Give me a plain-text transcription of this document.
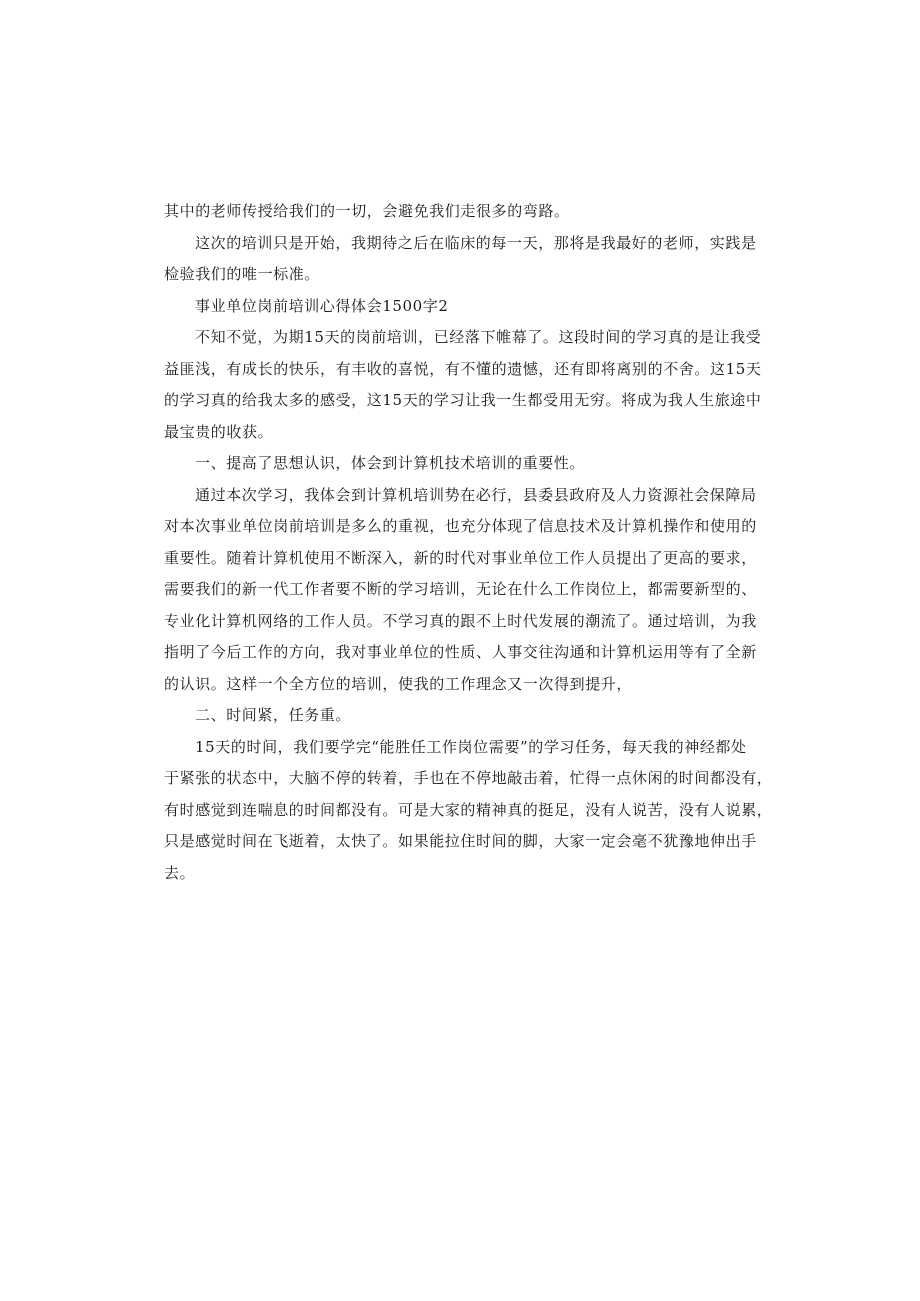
其中的老师传授给我们的一切，会避免我们走很多的弯路。
这次的培训只是开始，我期待之后在临床的每一天，那将是我最好的老师，实践是
检验我们的唯一标准。
事业单位岗前培训心得体会1500字2
不知不觉，为期15天的岗前培训，已经落下帷幕了。这段时间的学习真的是让我受
益匪浅，有成长的快乐，有丰收的喜悦，有不懂的遗憾，还有即将离别的不舍。这15天
的学习真的给我太多的感受，这15天的学习让我一生都受用无穷。将成为我人生旅途中
最宝贵的收获。
一、提高了思想认识，体会到计算机技术培训的重要性。
通过本次学习，我体会到计算机培训势在必行，县委县政府及人力资源社会保障局
对本次事业单位岗前培训是多么的重视，也充分体现了信息技术及计算机操作和使用的
重要性。随着计算机使用不断深入，新的时代对事业单位工作人员提出了更高的要求，
需要我们的新一代工作者要不断的学习培训，无论在什么工作岗位上，都需要新型的、
专业化计算机网络的工作人员。不学习真的跟不上时代发展的潮流了。通过培训，为我
指明了今后工作的方向，我对事业单位的性质、人事交往沟通和计算机运用等有了全新
的认识。这样一个全方位的培训，使我的工作理念又一次得到提升，
二、时间紧，任务重。
15天的时间，我们要学完“能胜任工作岗位需要”的学习任务，每天我的神经都处
于紧张的状态中，大脑不停的转着，手也在不停地敲击着，忙得一点休闲的时间都没有，
有时感觉到连喘息的时间都没有。可是大家的精神真的挺足，没有人说苦，没有人说累，
只是感觉时间在飞逝着，太快了。如果能拉住时间的脚，大家一定会毫不犹豫地伸出手
去。
